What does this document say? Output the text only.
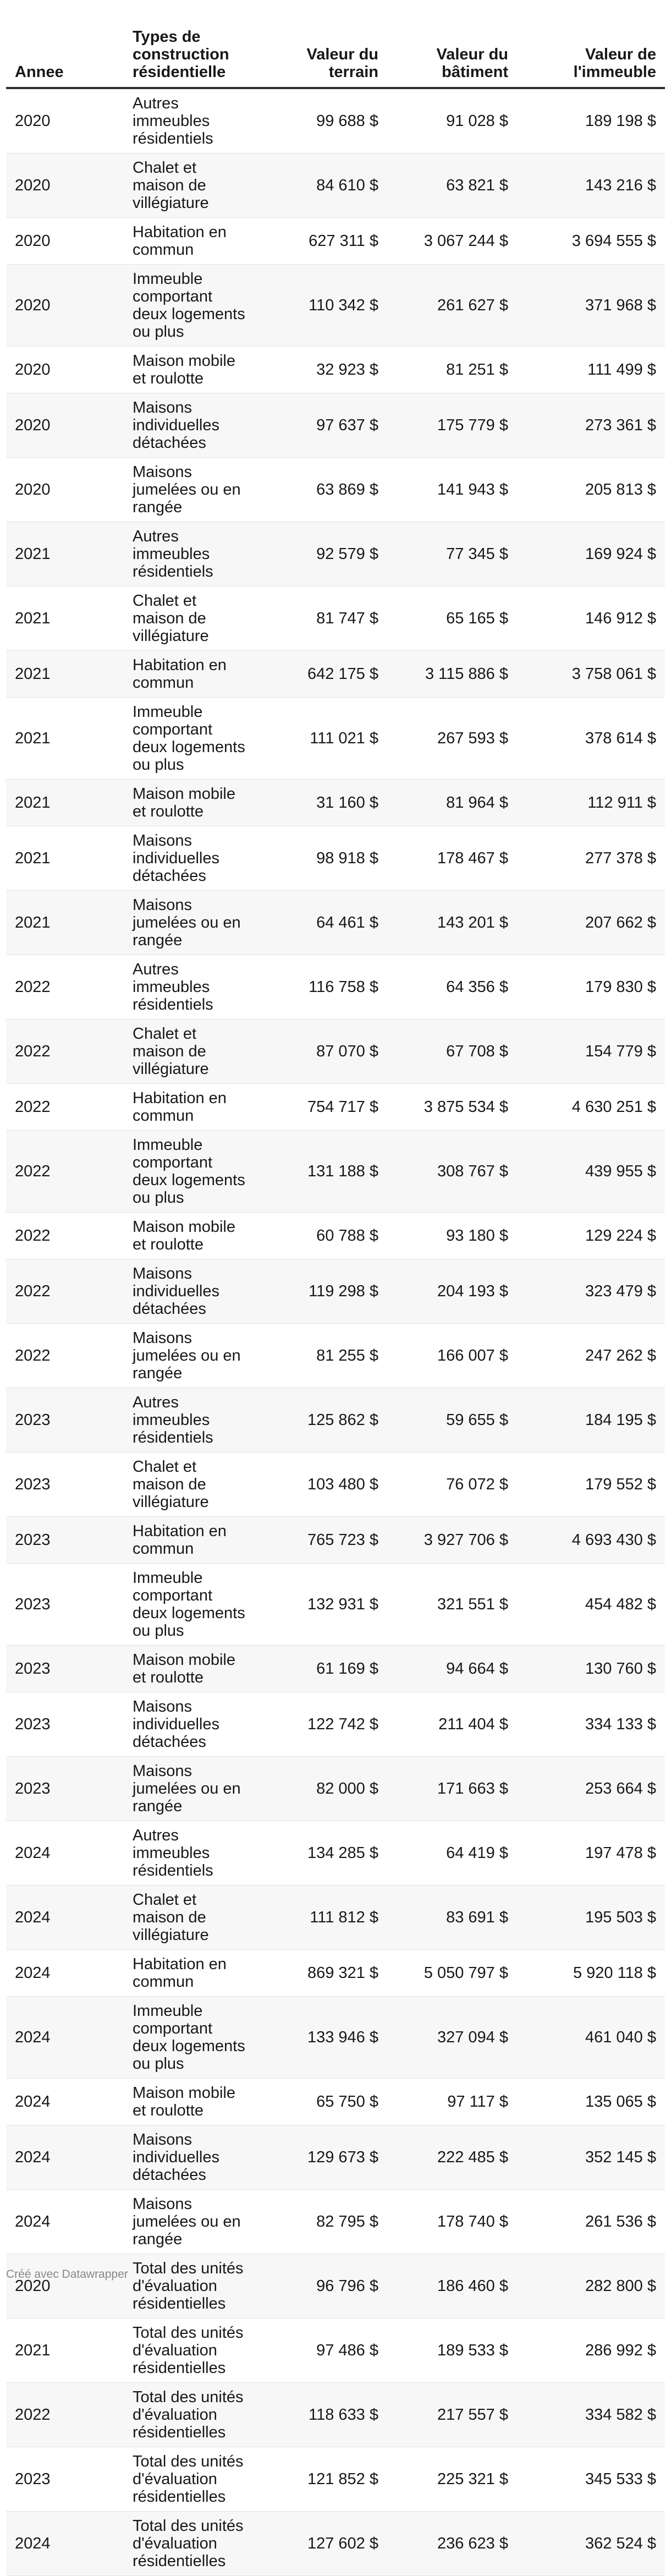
Annee	Types de construction résidentielle	Valeur du terrain	Valeur du bâtiment	Valeur de l'immeuble
2020	Autres immeubles résidentiels	99 688 $	91 028 $	189 198 $
2020	Chalet et maison de villégiature	84 610 $	63 821 $	143 216 $
2020	Habitation en commun	627 311 $	3 067 244 $	3 694 555 $
2020	Immeuble comportant deux logements ou plus	110 342 $	261 627 $	371 968 $
2020	Maison mobile et roulotte	32 923 $	81 251 $	111 499 $
2020	Maisons individuelles détachées	97 637 $	175 779 $	273 361 $
2020	Maisons jumelées ou en rangée	63 869 $	141 943 $	205 813 $
2021	Autres immeubles résidentiels	92 579 $	77 345 $	169 924 $
2021	Chalet et maison de villégiature	81 747 $	65 165 $	146 912 $
2021	Habitation en commun	642 175 $	3 115 886 $	3 758 061 $
2021	Immeuble comportant deux logements ou plus	111 021 $	267 593 $	378 614 $
2021	Maison mobile et roulotte	31 160 $	81 964 $	112 911 $
2021	Maisons individuelles détachées	98 918 $	178 467 $	277 378 $
2021	Maisons jumelées ou en rangée	64 461 $	143 201 $	207 662 $
2022	Autres immeubles résidentiels	116 758 $	64 356 $	179 830 $
2022	Chalet et maison de villégiature	87 070 $	67 708 $	154 779 $
2022	Habitation en commun	754 717 $	3 875 534 $	4 630 251 $
2022	Immeuble comportant deux logements ou plus	131 188 $	308 767 $	439 955 $
2022	Maison mobile et roulotte	60 788 $	93 180 $	129 224 $
2022	Maisons individuelles détachées	119 298 $	204 193 $	323 479 $
2022	Maisons jumelées ou en rangée	81 255 $	166 007 $	247 262 $
2023	Autres immeubles résidentiels	125 862 $	59 655 $	184 195 $
2023	Chalet et maison de villégiature	103 480 $	76 072 $	179 552 $
2023	Habitation en commun	765 723 $	3 927 706 $	4 693 430 $
2023	Immeuble comportant deux logements ou plus	132 931 $	321 551 $	454 482 $
2023	Maison mobile et roulotte	61 169 $	94 664 $	130 760 $
2023	Maisons individuelles détachées	122 742 $	211 404 $	334 133 $
2023	Maisons jumelées ou en rangée	82 000 $	171 663 $	253 664 $
2024	Autres immeubles résidentiels	134 285 $	64 419 $	197 478 $
2024	Chalet et maison de villégiature	111 812 $	83 691 $	195 503 $
2024	Habitation en commun	869 321 $	5 050 797 $	5 920 118 $
2024	Immeuble comportant deux logements ou plus	133 946 $	327 094 $	461 040 $
2024	Maison mobile et roulotte	65 750 $	97 117 $	135 065 $
2024	Maisons individuelles détachées	129 673 $	222 485 $	352 145 $
2024	Maisons jumelées ou en rangée	82 795 $	178 740 $	261 536 $
2020	Total des unités d'évaluation résidentielles	96 796 $	186 460 $	282 800 $
2021	Total des unités d'évaluation résidentielles	97 486 $	189 533 $	286 992 $
2022	Total des unités d'évaluation résidentielles	118 633 $	217 557 $	334 582 $
2023	Total des unités d'évaluation résidentielles	121 852 $	225 321 $	345 533 $
2024	Total des unités d'évaluation résidentielles	127 602 $	236 623 $	362 524 $
Créé avec Datawrapper
